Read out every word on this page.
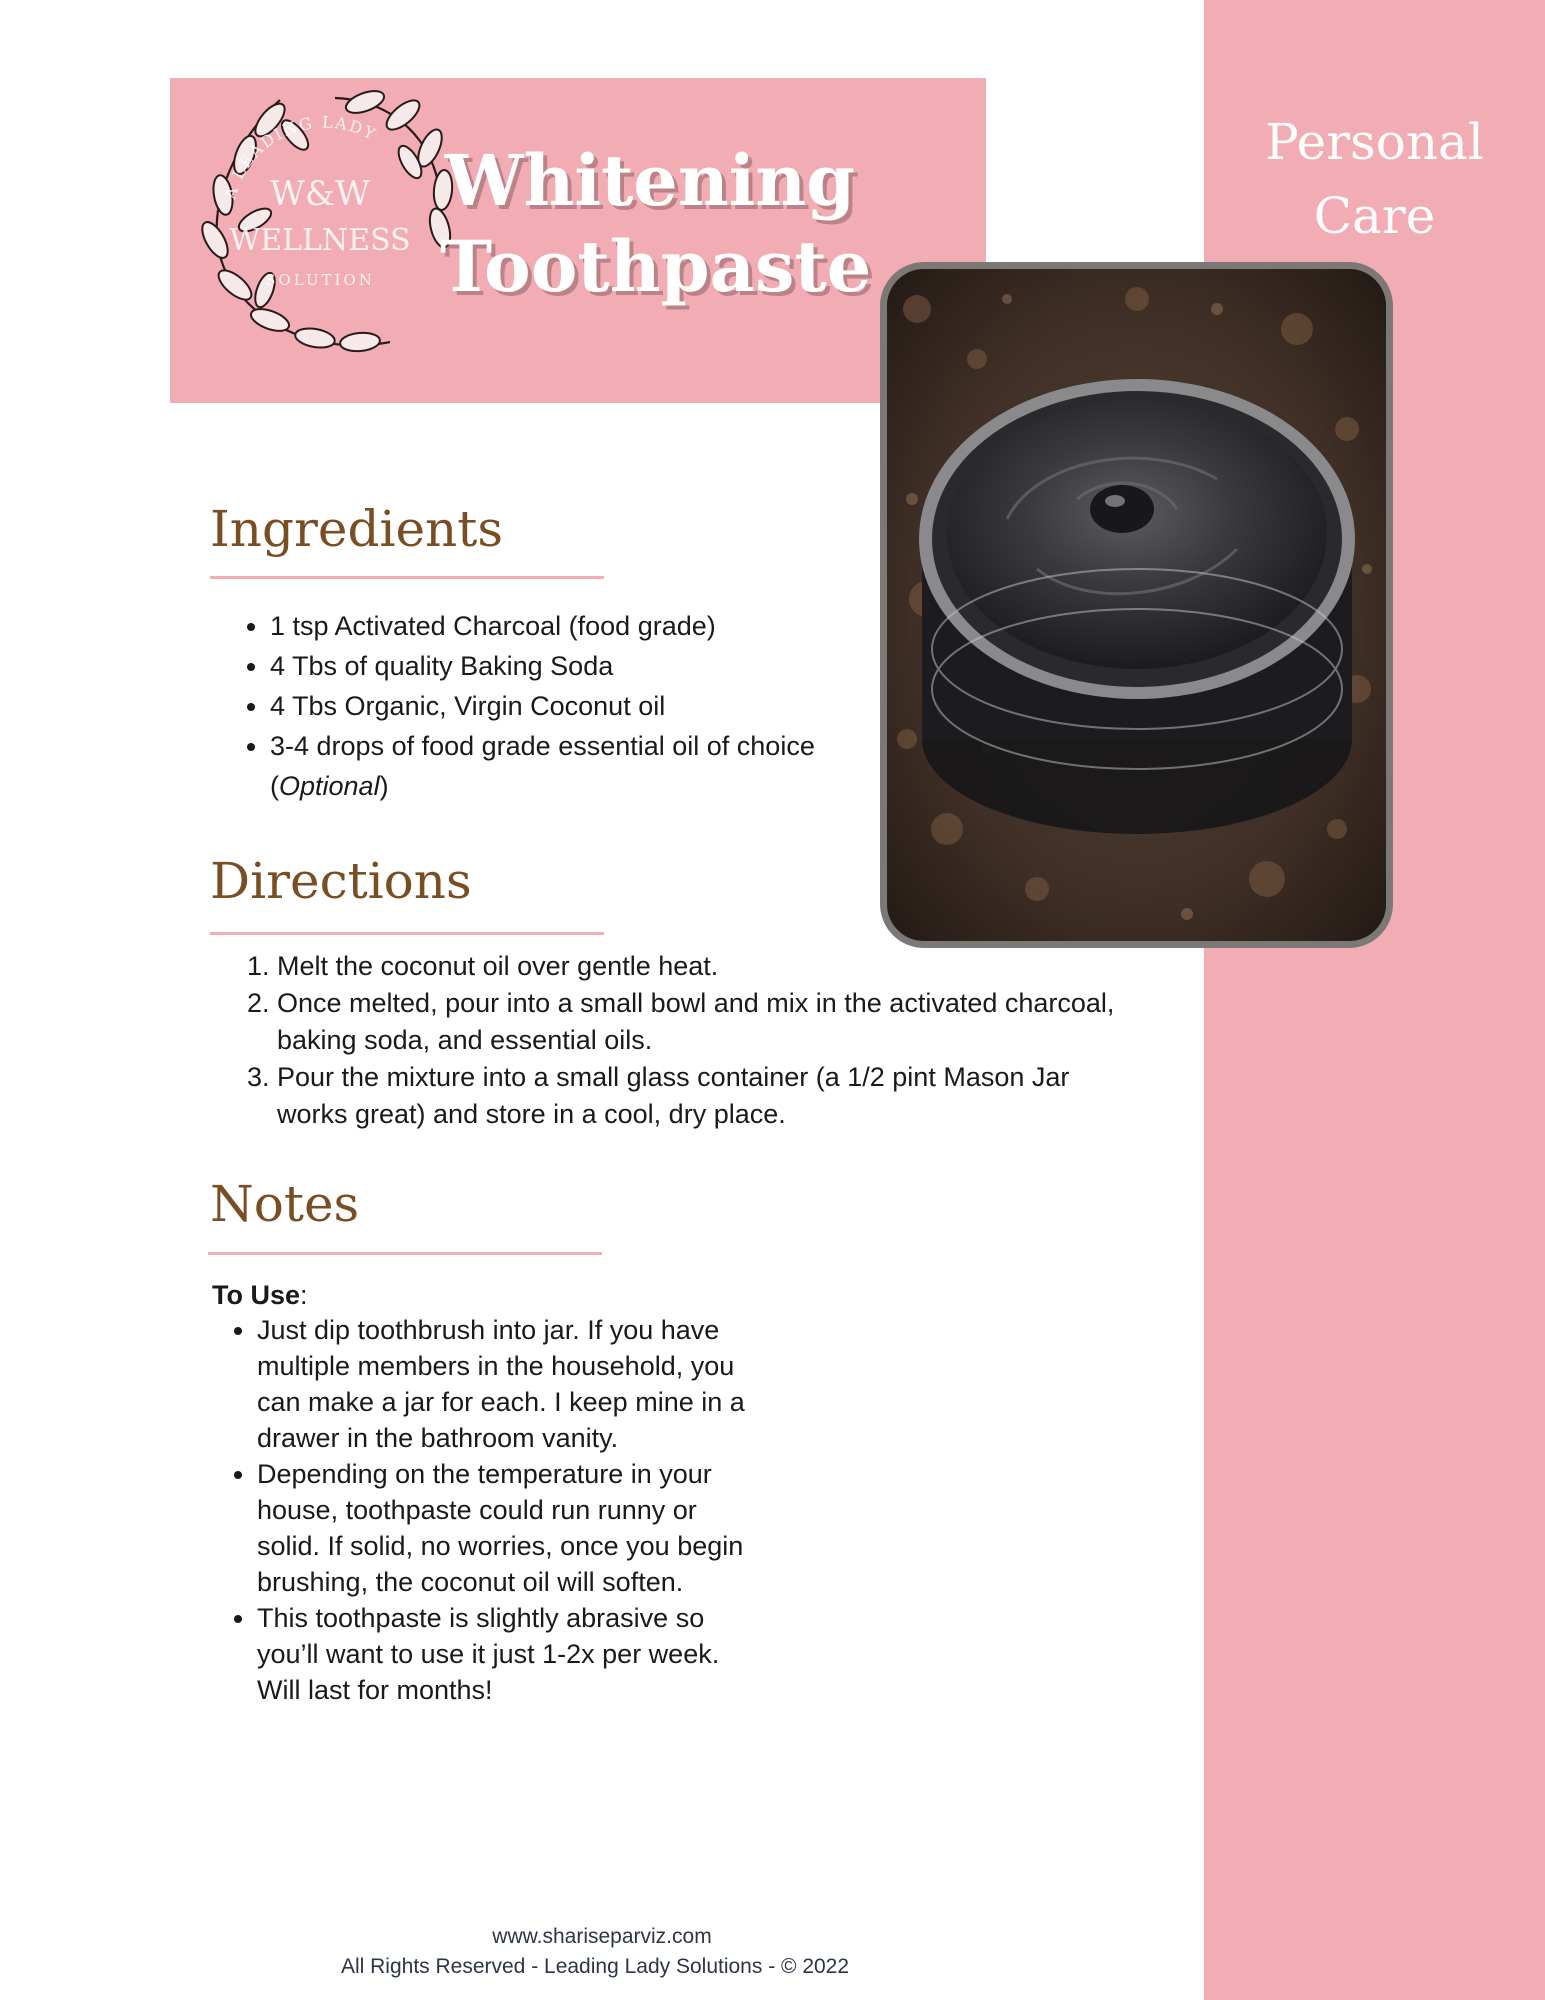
Personal
Care
A LEADING LADY
W&W
WELLNESS
SOLUTION
Whitening
Toothpaste
Ingredients
• 1 tsp Activated Charcoal (food grade)
• 4 Tbs of quality Baking Soda
• 4 Tbs Organic, Virgin Coconut oil
• 3-4 drops of food grade essential oil of choice (Optional)
Directions
1. Melt the coconut oil over gentle heat.
2. Once melted, pour into a small bowl and mix in the activated charcoal, baking soda, and essential oils.
3. Pour the mixture into a small glass container (a 1/2 pint Mason Jar works great) and store in a cool, dry place.
Notes
To Use:
• Just dip toothbrush into jar. If you have multiple members in the household, you can make a jar for each. I keep mine in a drawer in the bathroom vanity.
• Depending on the temperature in your house, toothpaste could run runny or solid. If solid, no worries, once you begin brushing, the coconut oil will soften.
• This toothpaste is slightly abrasive so you’ll want to use it just 1-2x per week. Will last for months!
www.shariseparviz.com
All Rights Reserved - Leading Lady Solutions - © 2022
